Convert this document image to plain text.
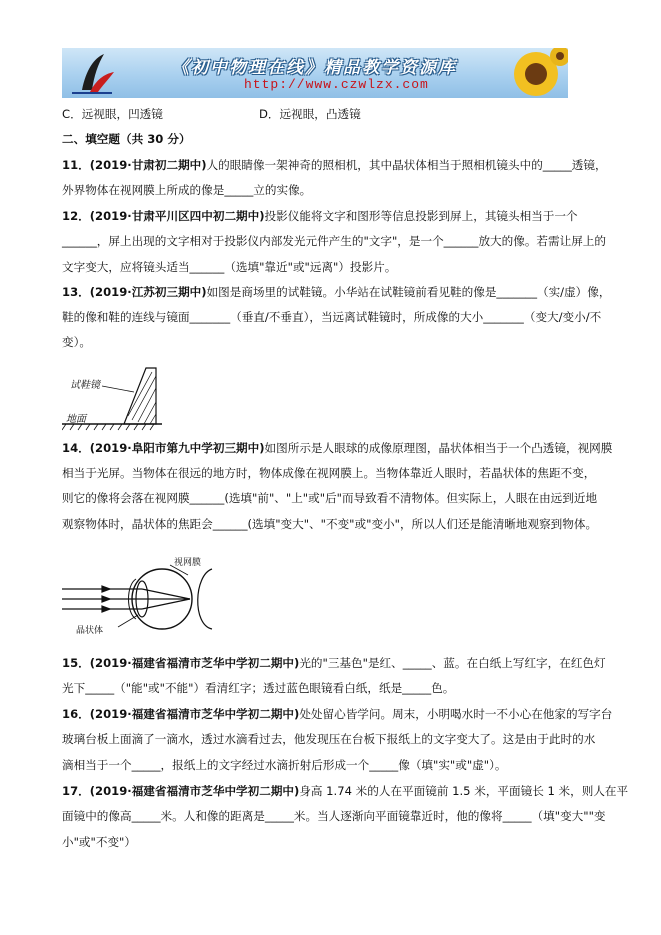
《初中物理在线》精品教学资源库
http://www.czwlzx.com
C．远视眼，凹透镜	D．远视眼，凸透镜
二、填空题（共 30 分）
11．(2019·甘肃初二期中)人的眼睛像一架神奇的照相机，其中晶状体相当于照相机镜头中的_____透镜，
外界物体在视网膜上所成的像是_____立的实像。
12．(2019·甘肃平川区四中初二期中)投影仪能将文字和图形等信息投影到屏上，其镜头相当于一个
______，屏上出现的文字相对于投影仪内部发光元件产生的"文字"，是一个______放大的像。若需让屏上的
文字变大，应将镜头适当______（选填"靠近"或"远离"）投影片。
13．(2019·江苏初三期中)如图是商场里的试鞋镜。小华站在试鞋镜前看见鞋的像是_______（实/虚）像，
鞋的像和鞋的连线与镜面_______（垂直/不垂直），当远离试鞋镜时，所成像的大小_______（变大/变小/不
变）。
试鞋镜
地面
14．(2019·阜阳市第九中学初三期中)如图所示是人眼球的成像原理图，晶状体相当于一个凸透镜，视网膜
相当于光屏。当物体在很远的地方时，物体成像在视网膜上。当物体靠近人眼时，若晶状体的焦距不变，
则它的像将会落在视网膜______(选填"前"、"上"或"后"而导致看不清物体。但实际上，人眼在由远到近地
观察物体时，晶状体的焦距会______(选填"变大"、"不变"或"变小"，所以人们还是能清晰地观察到物体。
视网膜
晶状体
15．(2019·福建省福清市芝华中学初二期中)光的"三基色"是红、_____、蓝。在白纸上写红字，在红色灯
光下_____（"能"或"不能"）看清红字；透过蓝色眼镜看白纸，纸是_____色。
16．(2019·福建省福清市芝华中学初二期中)处处留心皆学问。周末，小明喝水时一不小心在他家的写字台
玻璃台板上面滴了一滴水，透过水滴看过去，他发现压在台板下报纸上的文字变大了。这是由于此时的水
滴相当于一个_____，报纸上的文字经过水滴折射后形成一个_____像（填"实"或"虚"）。
17．(2019·福建省福清市芝华中学初二期中)身高 1.74 米的人在平面镜前 1.5 米，平面镜长 1 米，则人在平
面镜中的像高_____米。人和像的距离是_____米。当人逐渐向平面镜靠近时，他的像将_____（填"变大""变
小"或"不变"）
